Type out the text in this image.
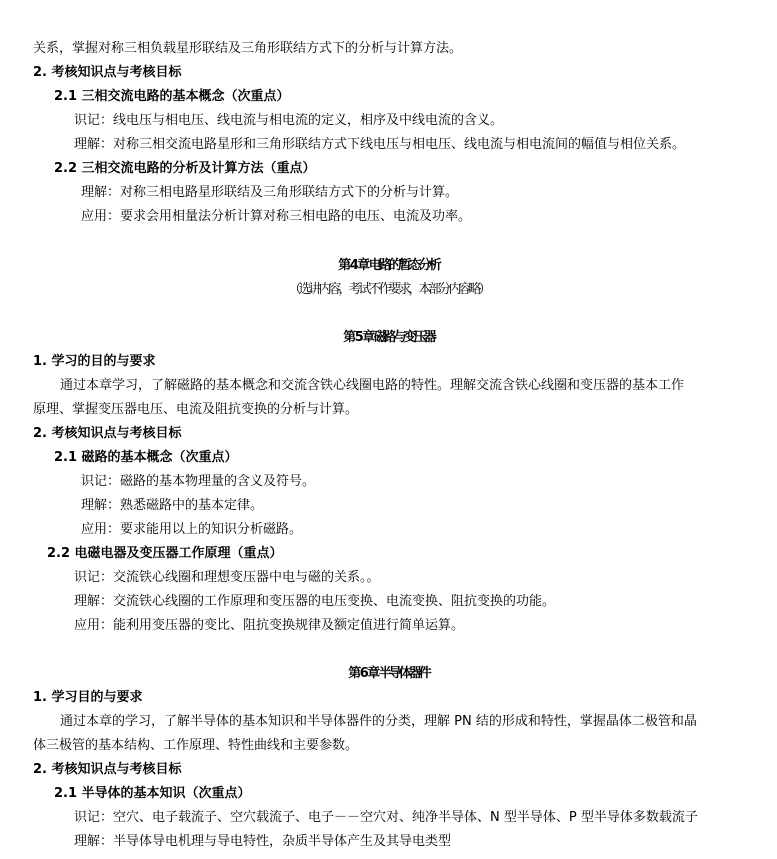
关系，掌握对称三相负载星形联结及三角形联结方式下的分析与计算方法。
2. 考核知识点与考核目标
2.1 三相交流电路的基本概念（次重点）
识记：线电压与相电压、线电流与相电流的定义，相序及中线电流的含义。
理解：对称三相交流电路星形和三角形联结方式下线电压与相电压、线电流与相电流间的幅值与相位关系。
2.2 三相交流电路的分析及计算方法（重点）
理解：对称三相电路星形联结及三角形联结方式下的分析与计算。
应用：要求会用相量法分析计算对称三相电路的电压、电流及功率。
第 4 章 电路的暂态分析
（选讲内容，考试不作要求，本部分内容略）
第 5 章 磁路与变压器
1. 学习的目的与要求
通过本章学习，了解磁路的基本概念和交流含铁心线圈电路的特性。理解交流含铁心线圈和变压器的基本工作
原理、掌握变压器电压、电流及阻抗变换的分析与计算。
2. 考核知识点与考核目标
2.1 磁路的基本概念（次重点）
识记：磁路的基本物理量的含义及符号。
理解：熟悉磁路中的基本定律。
应用：要求能用以上的知识分析磁路。
2.2 电磁电器及变压器工作原理（重点）
识记：交流铁心线圈和理想变压器中电与磁的关系。。
理解：交流铁心线圈的工作原理和变压器的电压变换、电流变换、阻抗变换的功能。
应用：能利用变压器的变比、阻抗变换规律及额定值进行简单运算。
第 6 章 半导体器件
1. 学习目的与要求
通过本章的学习，了解半导体的基本知识和半导体器件的分类，理解 PN 结的形成和特性，掌握晶体二极管和晶
体三极管的基本结构、工作原理、特性曲线和主要参数。
2. 考核知识点与考核目标
2.1 半导体的基本知识（次重点）
识记：空穴、电子载流子、空穴载流子、电子－－空穴对、纯净半导体、N 型半导体、P 型半导体多数载流子
理解：半导体导电机理与导电特性，杂质半导体产生及其导电类型
